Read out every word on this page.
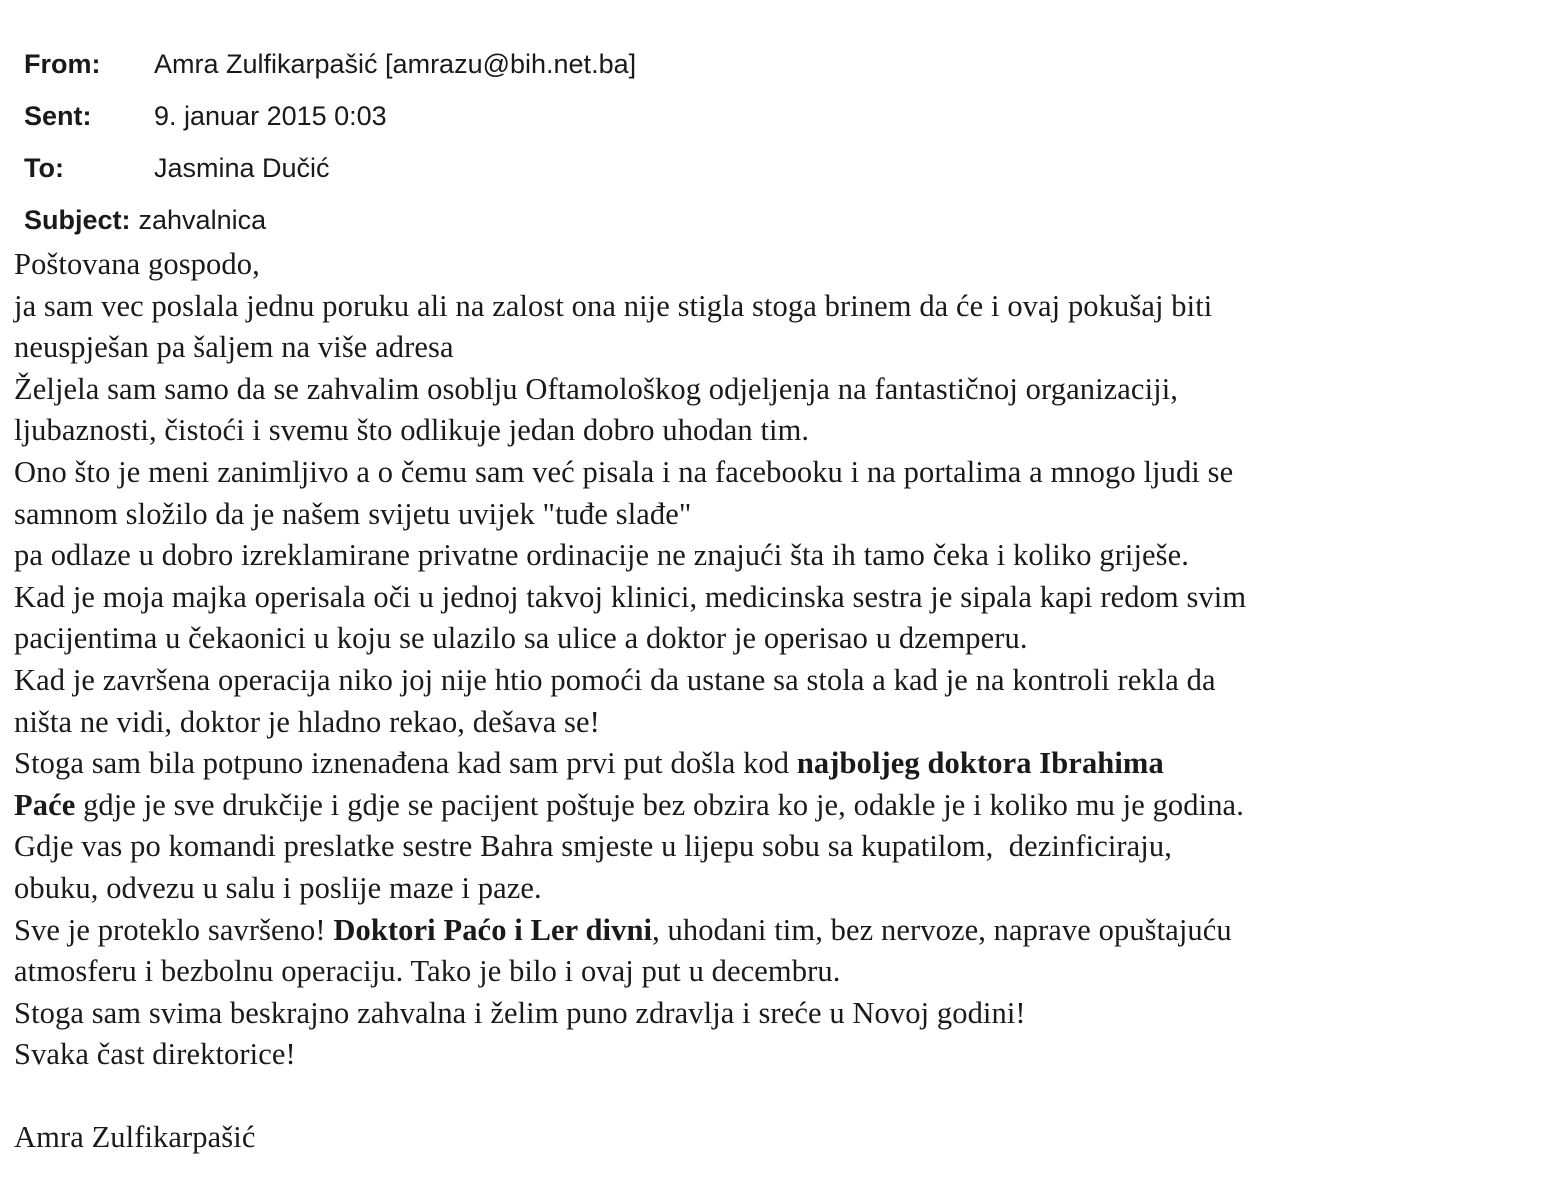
From:	Amra Zulfikarpašić [amrazu@bih.net.ba]
Sent:	9. januar 2015 0:03
To:	Jasmina Dučić
Subject: zahvalnica
Poštovana gospodo,
ja sam vec poslala jednu poruku ali na zalost ona nije stigla stoga brinem da će i ovaj pokušaj biti
neuspješan pa šaljem na više adresa
Željela sam samo da se zahvalim osoblju Oftamološkog odjeljenja na fantastičnoj organizaciji,
ljubaznosti, čistoći i svemu što odlikuje jedan dobro uhodan tim.
Ono što je meni zanimljivo a o čemu sam već pisala i na facebooku i na portalima a mnogo ljudi se
samnom složilo da je našem svijetu uvijek "tuđe slađe"
pa odlaze u dobro izreklamirane privatne ordinacije ne znajući šta ih tamo čeka i koliko griješe.
Kad je moja majka operisala oči u jednoj takvoj klinici, medicinska sestra je sipala kapi redom svim
pacijentima u čekaonici u koju se ulazilo sa ulice a doktor je operisao u dzemperu.
Kad je završena operacija niko joj nije htio pomoći da ustane sa stola a kad je na kontroli rekla da
ništa ne vidi, doktor je hladno rekao, dešava se!
Stoga sam bila potpuno iznenađena kad sam prvi put došla kod najboljeg doktora Ibrahima
Paće gdje je sve drukčije i gdje se pacijent poštuje bez obzira ko je, odakle je i koliko mu je godina.
Gdje vas po komandi preslatke sestre Bahra smjeste u lijepu sobu sa kupatilom,  dezinficiraju,
obuku, odvezu u salu i poslije maze i paze.
Sve je proteklo savršeno! Doktori Paćo i Ler divni, uhodani tim, bez nervoze, naprave opuštajuću
atmosferu i bezbolnu operaciju. Tako je bilo i ovaj put u decembru.
Stoga sam svima beskrajno zahvalna i želim puno zdravlja i sreće u Novoj godini!
Svaka čast direktorice!
Amra Zulfikarpašić
